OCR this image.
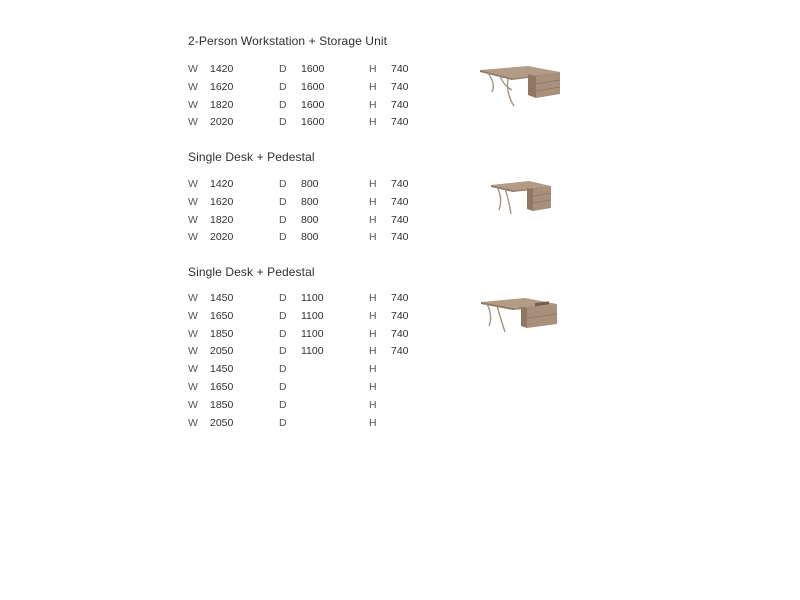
2-Person Workstation + Storage Unit

W 1420	D 1600	H 740
W 1620	D 1600	H 740
W 1820	D 1600	H 740
W 2020	D 1600	H 740

Single Desk + Pedestal

W 1420	D 800	H 740
W 1620	D 800	H 740
W 1820	D 800	H 740
W 2020	D 800	H 740

Single Desk + Pedestal

W 1450	D 1100	H 740
W 1650	D 1100	H 740
W 1850	D 1100	H 740
W 2050	D 1100	H 740
W 1450	D	H
W 1650	D	H
W 1850	D	H
W 2050	D	H
